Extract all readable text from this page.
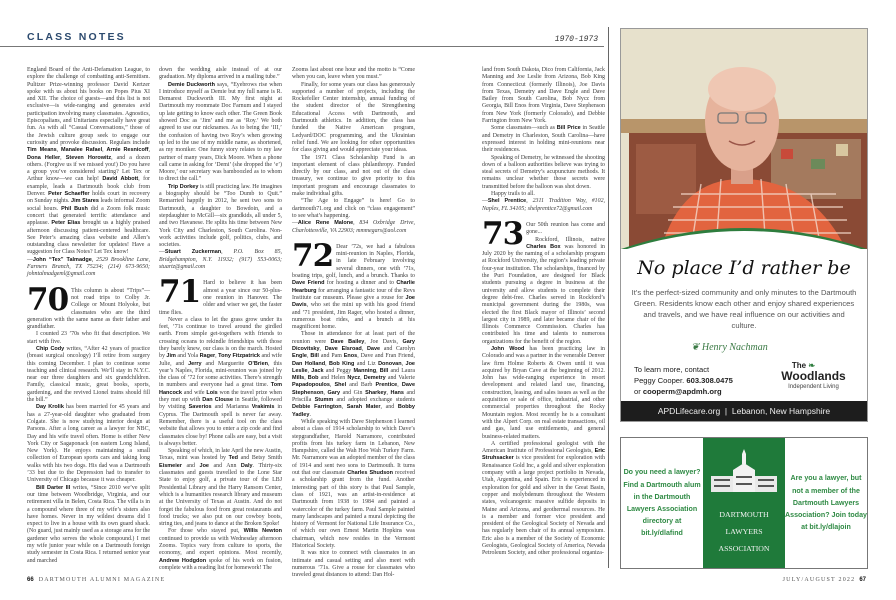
CLASS NOTES	1970-1973

England Board of the Anti-Defamation League, to explore the challenge of combatting anti-Semitism. Pulitzer Prize-winning professor David Kertzer spoke with us about his books on Popes Pius XI and XII. The choice of guests—and this list is not exclusive—is wide-ranging and generates avid participation involving many classmates. Agnostics, Episcopalians, and Unitarians especially have great fun. As with all “Casual Conversations,” those of the Jewish culture group seek to engage our curiosity and provoke discussion. Regulars include Tim Means, Manalee Rafael, Arnie Resnicoff, Dona Heller, Steven Horowitz, and a dozen others. (Forgive us if we missed you!) Do you have a group you’ve considered starting? Let Tex or Arthur know—we can help! David Abbott, for example, leads a Dartmouth book club from Denver. Peter Schaeffer holds court in recovery on Sunday nights. Jim Stares leads informal Zoom social hours. Phil Bush did a Zoom folk music concert that generated terrific attendance and applause. Peter Elias brought us a highly praised afternoon discussing patient-centered healthcare. See Peter’s amazing class website and Allen’s outstanding class newsletter for updates! Have a suggestion for Class Notes? Let Tex know!

—John “Tex” Talmadge, 2529 Brookline Lane, Farmers Branch, TX 75234; (214) 673-9650; johntalmadgeml@gmail.com

70 This column is about “Trips”—not road trips to Colby Jr. College or Mount Holyoke, but classmates who are the third generation with the same name as their father and grandfather.

I counted 23 ’70s who fit that description. We start with five.

Chip Cody writes, “After 42 years of practice (breast surgical oncology) I’ll retire from surgery this coming December. I plan to continue some teaching and clinical research. We’ll stay in N.Y.C. near our three daughters and six grandchildren. Family, classical music, great books, sports, gardening, and the revived Lionel trains should fill the bill.”

Day Krolik has been married for 45 years and has a 27-year-old daughter who graduated from Colgate. She is now studying interior design at Parsons. After a long career as a lawyer for NBC, Day and his wife travel often. Home is either New York City or Sagaponack (on eastern Long Island, New York). He enjoys maintaining a small collection of European sports cars and taking long walks with his two dogs. His dad was a Dartmouth ’33 but due to the Depression had to transfer to University of Chicago because it was cheaper.

Bill Darter III writes, “Since 2010 we’ve split our time between Woodbridge, Virginia, and our retirement villa in Belen, Costa Rica. The villa is in a compound where three of my wife’s sisters also have homes. Never in my wildest dreams did I expect to live in a house with its own guard shack. (No guard, just mainly used as a storage area for the gardener who serves the whole compound.) I met my wife junior year while on a Dartmouth foreign study semester in Costa Rica. I returned senior year and marched

down the wedding aisle instead of at our graduation. My diploma arrived in a mailing tube.”

Demie Duckworth says, “Eyebrows rise when I introduce myself as Demie but my full name is R. Demarest Duckworth III. My first night at Dartmouth my roommate Doc Farnum and I stayed up late getting to know each other. The Green Book showed Doc as ‘Jim’ and me as ‘Roy.’ We both agreed to use our nicknames. As to being the ‘III,’ the confusion of having two Roy’s when growing up led to the use of my middle name, as shortened, as my moniker. One funny story relates to my law partner of many years, Dick Moore. When a phone call came in asking for ‘Demi’ (she dropped the ‘e’) Moore,’ our secretary was bamboozled as to whom to direct the call.”

Trip Dorkey is still practicing law. He imagines a biography should be “Too Dumb to Quit.” Remarried happily in 2012, he sent two sons to Dartmouth, a daughter to Bowdoin, and a stepdaughter to McGill—six grandkids, all under 5, and two Havanese. He splits his time between New York City and Charleston, South Carolina. Non-work activities include golf, politics, clubs, and societies.

—Stuart Zuckerman, P.O. Box 85, Bridgehampton, N.Y. 11932; (917) 553-0063; stuartz@gmail.com

71 Hard to believe it has been almost a year since our 50-plus-one reunion in Hanover. The older and wiser we get, the faster time flies.

Never a class to let the grass grow under its feet, ’71s continue to travel around the girdled earth. From simple get-togethers with friends to crossing oceans to rekindle friendships with those they barely knew, our class is on the march. Hosted by Jim and Yola Rager, Tony Fitzpatrick and wife Julie, and Jerry and Marguerite O’Brien, this year’s Naples, Florida, mini-reunion was joined by the class of ’72 for some activities. There’s strength in numbers and everyone had a great time. Tom Hancock and wife Lois won the travel prize when they met up with Dan Clouse in Seattle, followed by visiting Saverios and Marianna Vrakimis in Cyprus. The Dartmouth spell is never far away. Remember, there is a useful tool on the class website that allows you to enter a zip code and find classmates close by! Phone calls are easy, but a visit is always better.

Speaking of which, in late April the new Austin, Texas, mini was hosted by Ted and Betsy Smith Eismeier and Joe and Ann Daly. Thirty-six classmates and guests travelled to the Lone Star State to enjoy golf, a private tour of the LBJ Presidential Library and the Harry Ransom Center, which is a humanities research library and museum at the University of Texas at Austin. And do not forget the fabulous food from great restaurants and food trucks; we also put on our cowboy boots, string ties, and jeans to dance at the Broken Spoke!

For those who stayed put, Willis Newton continued to provide us with Wednesday afternoon Zooms. Topics vary from culture to sports, the economy, and expert opinions. Most recently, Andrew Hodgdon spoke of his work on fusion, complete with a reading list for homework! The

Zooms last about one hour and the motto is “Come when you can, leave when you must.”

Finally, for some years our class has generously supported a number of projects, including the Rockefeller Center internship, annual funding of the student director of the Strengthening Educational Access with Dartmouth, and Dartmouth athletics. In addition, the class has funded the Native American program, Ledyard/DOC programming, and the Ukrainian relief fund. We are looking for other opportunities for class giving and would appreciate your ideas.

The 1971 Class Scholarship Fund is an important element of class philanthropy. Funded directly by our class, and not out of the class treasury, we continue to give priority to this important program and encourage classmates to make individual gifts.

“The Age to Engage” is here! Go to dartmouth71.org and click on “class engagement” to see what’s happening.

—Alice Rene Malone, 834 Oxbridge Drive, Charlottesville, VA 22903; mmmegars@aol.com

72 Dear ’72s, we had a fabulous mini-reunion in Naples, Florida, in late February involving several dinners, one with ’71s, boating trips, golf, lunch, and a brunch. Thanks to Dave Friend for hosting a dinner and to Charlie Hearburg for arranging a fantastic tour of the Revs Institute car museum. Please give a rouse for Joe Davis, who set the mini up with his good friend and ’71 president, Jim Rager, who hosted a dinner, numerous boat rides, and a brunch at his magnificent home.

Those in attendance for at least part of the reunion were Dave Bailey, Joe Davis, Gary Dicovitsky, Dave Elsroad, Dave and Carolyn Engle, Bill and Pam Enos, Dave and Fran Friend, Dan Holland, Bob King and Liz Donovan, Joe Leslie, Jack and Peggy Manning, Bill and Laura Mills, Bob and Helen Nycz, Demetry and Valerie Papadopoulos, Shel and Barb Prentice, Dave Stephenson, Gary and Gin Sharkey, Hans and Priscilla Stumm and adopted exchange students Debbie Farrington, Sarah Mater, and Bobby Yadley.

While speaking with Dave Stephenson I learned about a class of 1914 scholarship to which Dave’s stepgrandfather, Harold Narramore, contributed profits from his turkey farm in Lebanon, New Hampshire, called the Wah Hoo Wah Turkey Farm. Mr. Narramore was an adopted member of the class of 1914 and sent two sons to Dartmouth. It turns out that our classmate Charles Shudson received a scholarship grant from the fund. Another interesting part of this story is that Paul Sample, class of 1921, was an artist-in-residence at Dartmouth from 1938 to 1984 and painted a watercolor of the turkey farm. Paul Sample painted many landscapes and painted a mural depicting the history of Vermont for National Life Insurance Co., of which our own Ernest Martin Hopkins was chairman, which now resides in the Vermont Historical Society.

It was nice to connect with classmates in an intimate and casual setting and also meet with numerous ’71s. Give a rouse for classmates who traveled great distances to attend: Dan Hol-

land from South Dakota, Dico from California, Jack Manning and Joe Leslie from Arizona, Bob King from Connecticut (formerly Illinois), Joe Davis from Texas, Demetry and Dave Engle and Dave Bailey from South Carolina, Bob Nycz from Georgia, Bill Enos from Virginia, Dave Stephenson from New York (formerly Colorado), and Debbie Farrington from New York.

Some classmates—such as Bill Price in Seattle and Demetry in Charleston, South Carolina—have expressed interest in holding mini-reunions near their residences.

Speaking of Demetry, he witnessed the shooting down of a balloon authorities believe was trying to steal secrets of Demetry’s acupuncture methods. It remains unclear whether those secrets were transmitted before the balloon was shot down.

Happy trails to all.

—Shel Prentice, 2311 Tradition Way, #102, Naples, FL 34105; shelprentice72@gmail.com

73 Our 50th reunion has come and gone...

Rockford, Illinois, native Charles Box was honored in July 2020 by the naming of a scholarship program at Rockford University, the region’s leading private four-year institution. The scholarships, financed by the Puri Foundation, are designed for Black students pursuing a degree in business at the university and allow students to complete their degree debt-free. Charles served in Rockford’s municipal government during the 1980s, was elected the first Black mayor of Illinois’ second largest city in 1989, and later became chair of the Illinois Commerce Commission. Charles has contributed his time and talents to numerous organizations for the benefit of the region.

John Wood has been practicing law in Colorado and was a partner in the venerable Denver law firm Holme Roberts & Owen until it was acquired by Bryan Cave at the beginning of 2012. John has wide-ranging experience in resort development and related land use, financing, construction, leasing, and sales issues as well as the acquisition or sale of office, industrial, and other commercial properties throughout the Rocky Mountain region. Most recently he is a consultant with the Alpert Corp. on real estate transactions, oil and gas, land use entitlements, and general business-related matters.

A certified professional geologist with the American Institute of Professional Geologists, Eric Struhsacker is vice president for exploration with Renaissance Gold Inc, a gold and silver exploration company with a large project portfolio in Nevada, Utah, Argentina, and Spain. Eric is experienced in exploration for gold and silver in the Great Basin, copper and molybdenum throughout the Western states, volcanogenic massive sulfide deposits in Maine and Arizona, and geothermal resources. He is a member and former vice president and president of the Geological Society of Nevada and has regularly been chair of its annual symposium. Eric also is a member of the Society of Economic Geologists, Geological Society of America, Nevada Petroleum Society, and other professional organiza-

No place I’d rather be
It’s the perfect-sized community and only minutes to the Dartmouth Green. Residents know each other and enjoy shared experiences and travels, and we have real influence on our activities and culture.
❦ Henry Nachman
To learn more, contact
Peggy Cooper. 603.308.0475
or cooperm@apdmh.org
The ❧
Woodlands
Independent Living
APDLifecare.org  |  Lebanon, New Hampshire
Do you need a lawyer? Find a Dartmouth alum in the Dartmouth Lawyers Association directory at bit.ly/dlafind
DARTMOUTH
LAWYERS
ASSOCIATION
Are you a lawyer, but not a member of the Dartmouth Lawyers Association? Join today at bit.ly/dlajoin
66 DARTMOUTH ALUMNI MAGAZINE	JULY/AUGUST 2022 67
